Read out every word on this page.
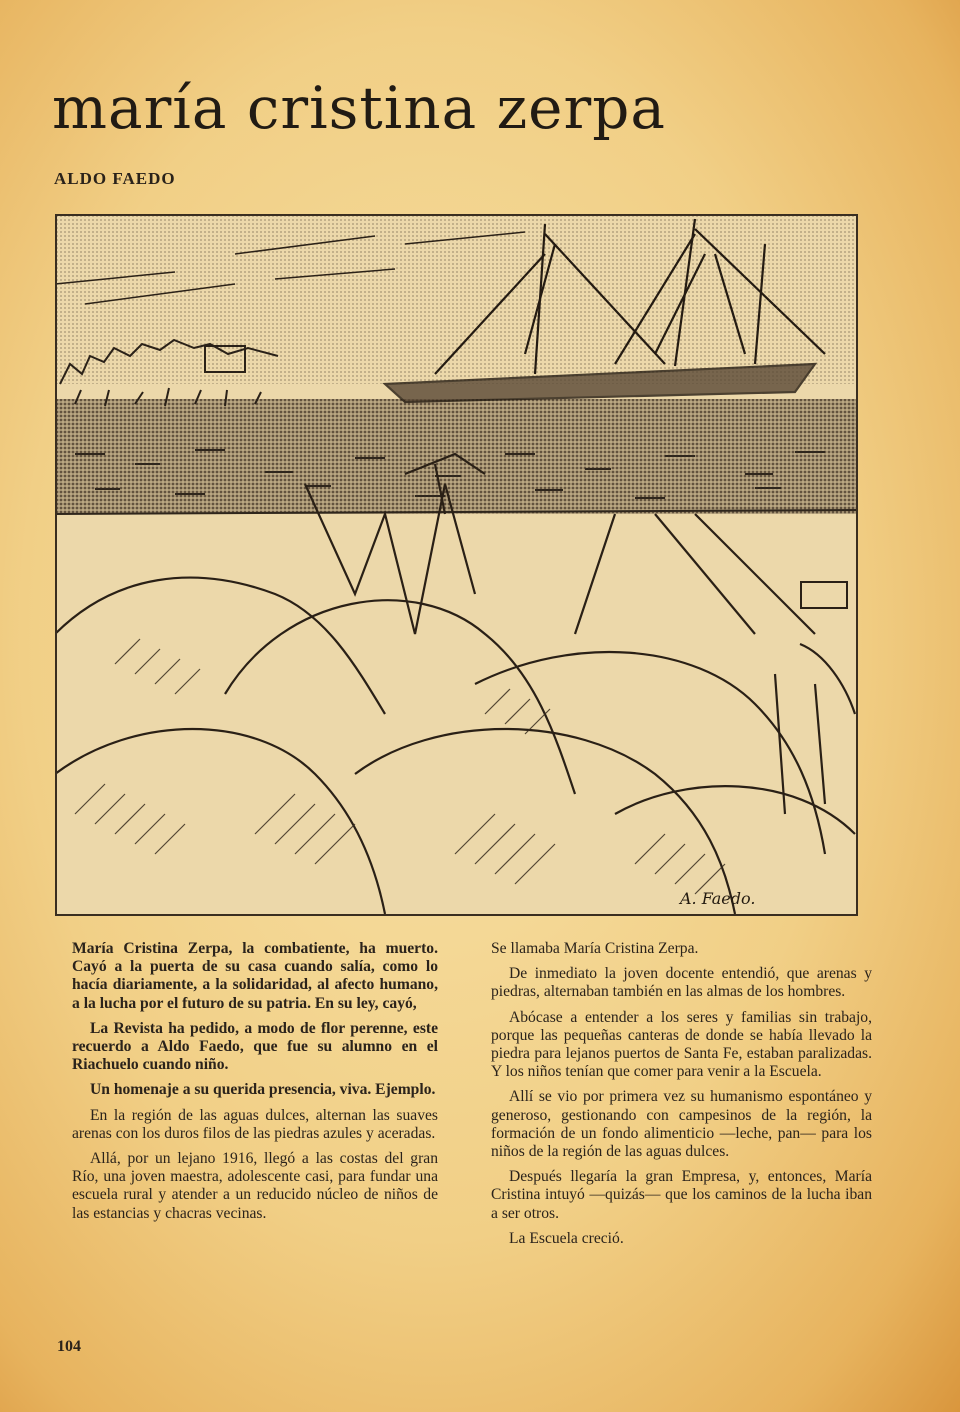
maría cristina zerpa
ALDO FAEDO
A. Faedo.

María Cristina Zerpa, la combatiente, ha muerto. Cayó a la puerta de su casa cuando salía, como lo hacía diariamente, a la solidaridad, al afecto humano, a la lucha por el futuro de su patria. En su ley, cayó,

La Revista ha pedido, a modo de flor perenne, este recuerdo a Aldo Faedo, que fue su alumno en el Riachuelo cuando niño.

Un homenaje a su querida presencia, viva. Ejemplo.

En la región de las aguas dulces, alternan las suaves arenas con los duros filos de las piedras azules y aceradas.

Allá, por un lejano 1916, llegó a las costas del gran Río, una joven maestra, adolescente casi, para fundar una escuela rural y atender a un reducido núcleo de niños de las estancias y chacras vecinas.

Se llamaba María Cristina Zerpa.

De inmediato la joven docente entendió, que arenas y piedras, alternaban también en las almas de los hombres.

Abócase a entender a los seres y familias sin trabajo, porque las pequeñas canteras de donde se había llevado la piedra para lejanos puertos de Santa Fe, estaban paralizadas. Y los niños tenían que comer para venir a la Escuela.

Allí se vio por primera vez su humanismo espontáneo y generoso, gestionando con campesinos de la región, la formación de un fondo alimenticio —leche, pan— para los niños de la región de las aguas dulces.

Después llegaría la gran Empresa, y, entonces, María Cristina intuyó —quizás— que los caminos de la lucha iban a ser otros.

La Escuela creció.

104
